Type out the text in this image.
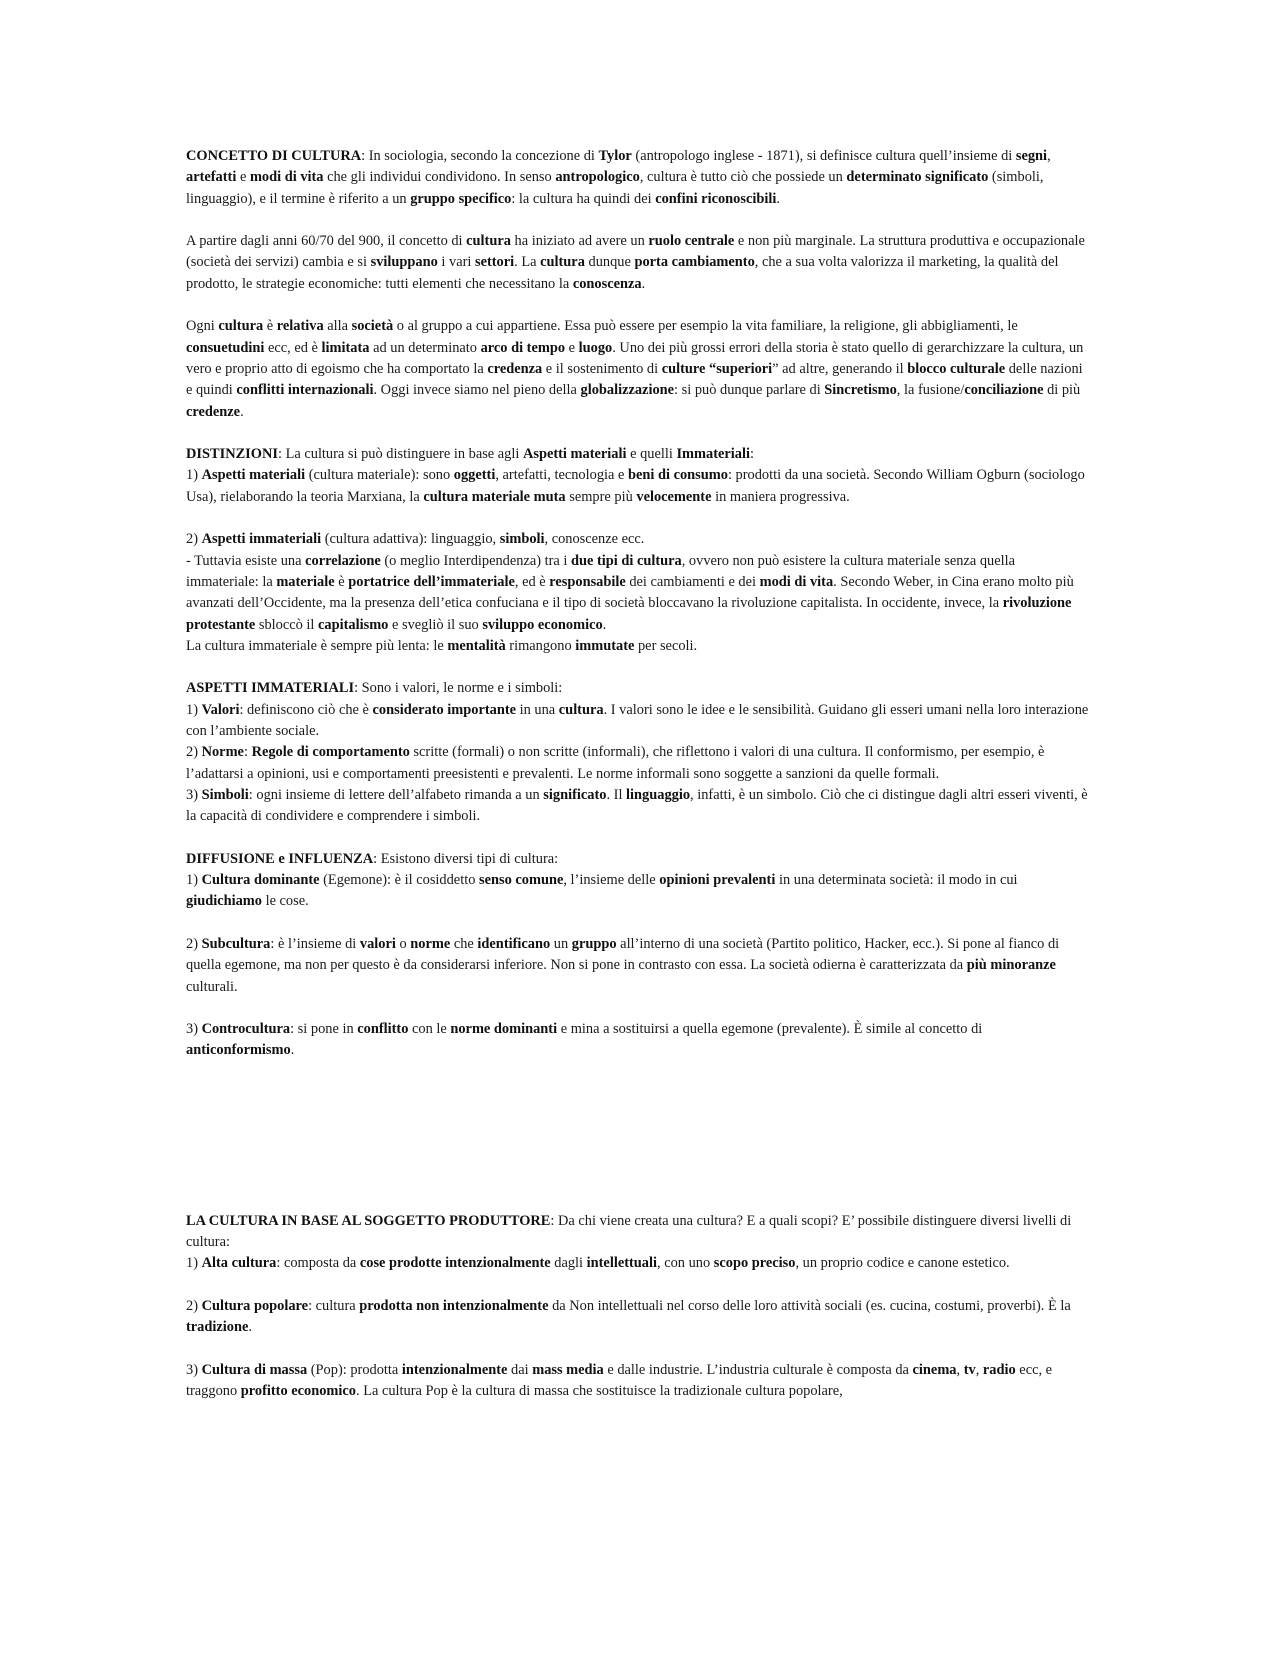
CONCETTO DI CULTURA: In sociologia, secondo la concezione di Tylor (antropologo inglese - 1871), si definisce cultura quell’insieme di segni, artefatti e modi di vita che gli individui condividono. In senso antropologico, cultura è tutto ciò che possiede un determinato significato (simboli, linguaggio), e il termine è riferito a un gruppo specifico: la cultura ha quindi dei confini riconoscibili.

A partire dagli anni 60/70 del 900, il concetto di cultura ha iniziato ad avere un ruolo centrale e non più marginale. La struttura produttiva e occupazionale (società dei servizi) cambia e si sviluppano i vari settori. La cultura dunque porta cambiamento, che a sua volta valorizza il marketing, la qualità del prodotto, le strategie economiche: tutti elementi che necessitano la conoscenza.

Ogni cultura è relativa alla società o al gruppo a cui appartiene. Essa può essere per esempio la vita familiare, la religione, gli abbigliamenti, le consuetudini ecc, ed è limitata ad un determinato arco di tempo e luogo. Uno dei più grossi errori della storia è stato quello di gerarchizzare la cultura, un vero e proprio atto di egoismo che ha comportato la credenza e il sostenimento di culture “superiori” ad altre, generando il blocco culturale delle nazioni e quindi conflitti internazionali. Oggi invece siamo nel pieno della globalizzazione: si può dunque parlare di Sincretismo, la fusione/conciliazione di più credenze.

DISTINZIONI: La cultura si può distinguere in base agli Aspetti materiali e quelli Immateriali:

1) Aspetti materiali (cultura materiale): sono oggetti, artefatti, tecnologia e beni di consumo: prodotti da una società. Secondo William Ogburn (sociologo Usa), rielaborando la teoria Marxiana, la cultura materiale muta sempre più velocemente in maniera progressiva.

2) Aspetti immateriali (cultura adattiva): linguaggio, simboli, conoscenze ecc.

- Tuttavia esiste una correlazione (o meglio Interdipendenza) tra i due tipi di cultura, ovvero non può esistere la cultura materiale senza quella immateriale: la materiale è portatrice dell’immateriale, ed è responsabile dei cambiamenti e dei modi di vita. Secondo Weber, in Cina erano molto più avanzati dell’Occidente, ma la presenza dell’etica confuciana e il tipo di società bloccavano la rivoluzione capitalista. In occidente, invece, la rivoluzione protestante sbloccò il capitalismo e svegliò il suo sviluppo economico.

La cultura immateriale è sempre più lenta: le mentalità rimangono immutate per secoli.

ASPETTI IMMATERIALI: Sono i valori, le norme e i simboli:

1) Valori: definiscono ciò che è considerato importante in una cultura. I valori sono le idee e le sensibilità. Guidano gli esseri umani nella loro interazione con l’ambiente sociale.

2) Norme: Regole di comportamento scritte (formali) o non scritte (informali), che riflettono i valori di una cultura. Il conformismo, per esempio, è l’adattarsi a opinioni, usi e comportamenti preesistenti e prevalenti. Le norme informali sono soggette a sanzioni da quelle formali.

3) Simboli: ogni insieme di lettere dell’alfabeto rimanda a un significato. Il linguaggio, infatti, è un simbolo. Ciò che ci distingue dagli altri esseri viventi, è la capacità di condividere e comprendere i simboli.

DIFFUSIONE e INFLUENZA: Esistono diversi tipi di cultura:

1) Cultura dominante (Egemone): è il cosiddetto senso comune, l’insieme delle opinioni prevalenti in una determinata società: il modo in cui giudichiamo le cose.

2) Subcultura: è l’insieme di valori o norme che identificano un gruppo all’interno di una società (Partito politico, Hacker, ecc.). Si pone al fianco di quella egemone, ma non per questo è da considerarsi inferiore. Non si pone in contrasto con essa. La società odierna è caratterizzata da più minoranze culturali.

3) Controcultura: si pone in conflitto con le norme dominanti e mina a sostituirsi a quella egemone (prevalente). È simile al concetto di anticonformismo.

LA CULTURA IN BASE AL SOGGETTO PRODUTTORE: Da chi viene creata una cultura? E a quali scopi? E’ possibile distinguere diversi livelli di cultura:

1) Alta cultura: composta da cose prodotte intenzionalmente dagli intellettuali, con uno scopo preciso, un proprio codice e canone estetico.

2) Cultura popolare: cultura prodotta non intenzionalmente da Non intellettuali nel corso delle loro attività sociali (es. cucina, costumi, proverbi). È la tradizione.

3) Cultura di massa (Pop): prodotta intenzionalmente dai mass media e dalle industrie. L’industria culturale è composta da cinema, tv, radio ecc, e traggono profitto economico. La cultura Pop è la cultura di massa che sostituisce la tradizionale cultura popolare,
